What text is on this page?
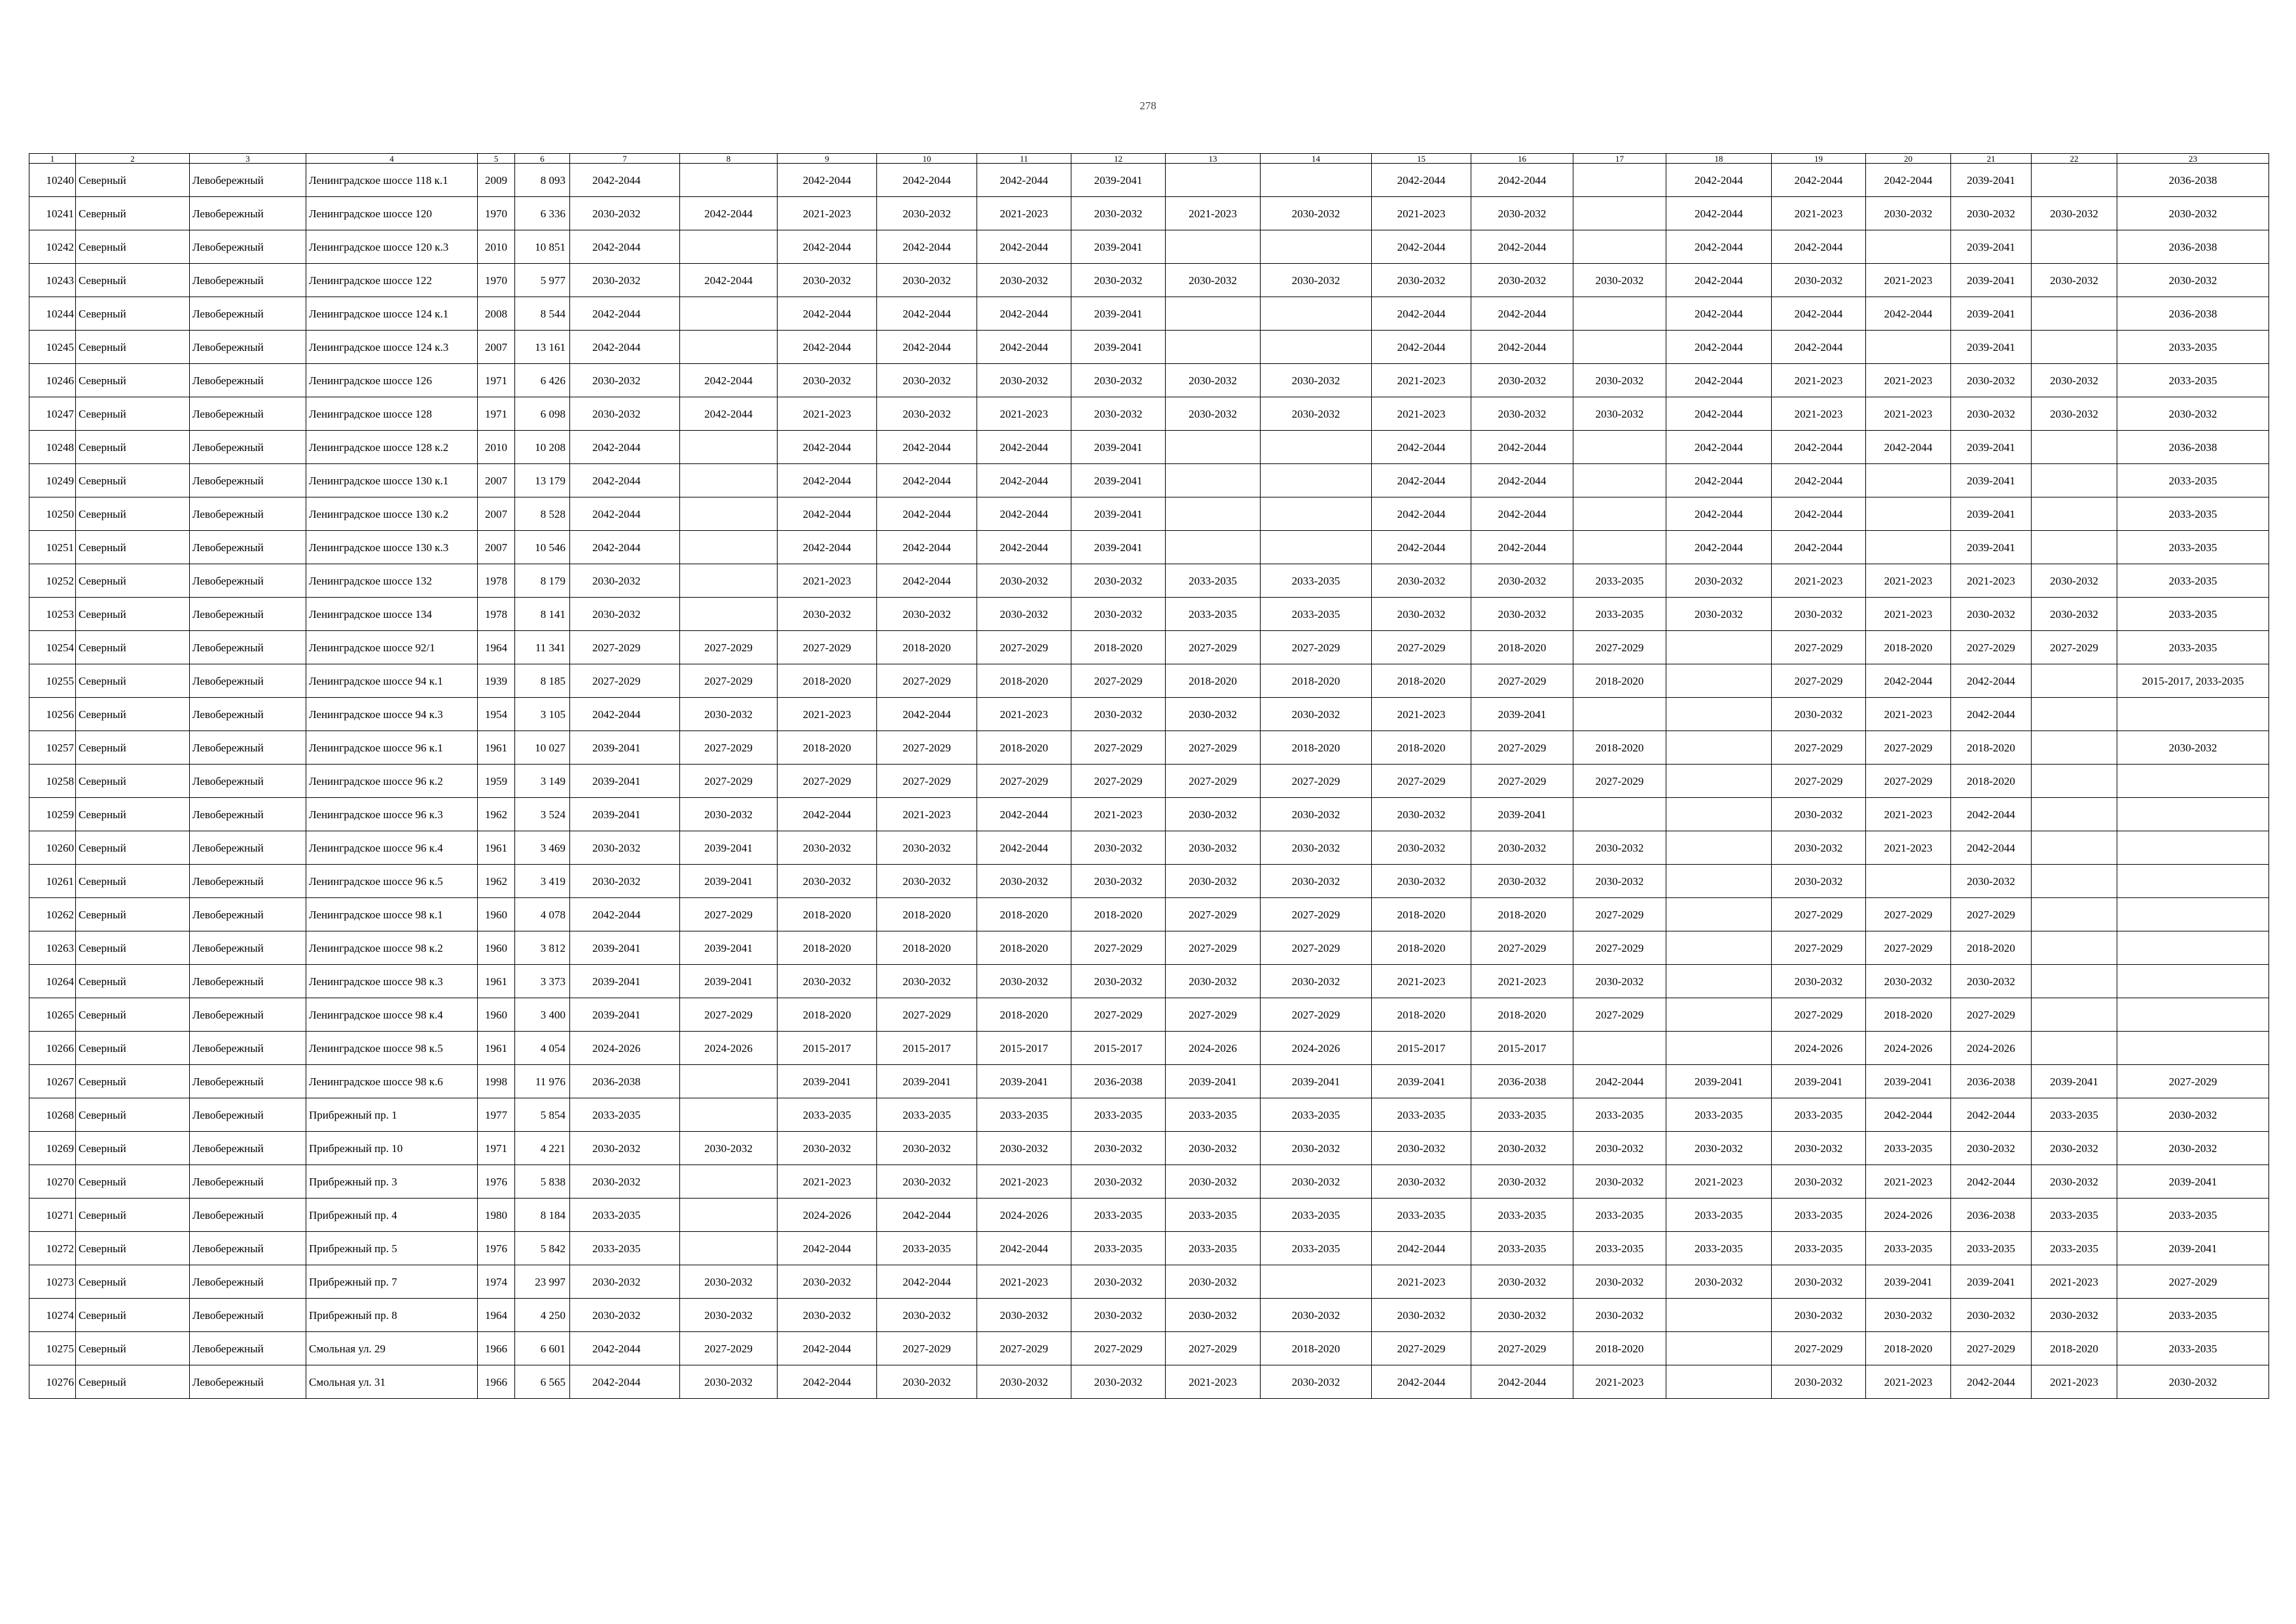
278
1	2	3	4	5	6	7	8	9	10	11	12	13	14	15	16	17	18	19	20	21	22	23
10240	Северный	Левобережный	Ленинградское шоссе 118 к.1	2009	8 093	2042-2044		2042-2044	2042-2044	2042-2044	2039-2041			2042-2044	2042-2044		2042-2044	2042-2044	2042-2044	2039-2041		2036-2038
10241	Северный	Левобережный	Ленинградское шоссе 120	1970	6 336	2030-2032	2042-2044	2021-2023	2030-2032	2021-2023	2030-2032	2021-2023	2030-2032	2021-2023	2030-2032		2042-2044	2021-2023	2030-2032	2030-2032	2030-2032	2030-2032
10242	Северный	Левобережный	Ленинградское шоссе 120 к.3	2010	10 851	2042-2044		2042-2044	2042-2044	2042-2044	2039-2041			2042-2044	2042-2044		2042-2044	2042-2044		2039-2041		2036-2038
10243	Северный	Левобережный	Ленинградское шоссе 122	1970	5 977	2030-2032	2042-2044	2030-2032	2030-2032	2030-2032	2030-2032	2030-2032	2030-2032	2030-2032	2030-2032	2030-2032	2042-2044	2030-2032	2021-2023	2039-2041	2030-2032	2030-2032
10244	Северный	Левобережный	Ленинградское шоссе 124 к.1	2008	8 544	2042-2044		2042-2044	2042-2044	2042-2044	2039-2041			2042-2044	2042-2044		2042-2044	2042-2044	2042-2044	2039-2041		2036-2038
10245	Северный	Левобережный	Ленинградское шоссе 124 к.3	2007	13 161	2042-2044		2042-2044	2042-2044	2042-2044	2039-2041			2042-2044	2042-2044		2042-2044	2042-2044		2039-2041		2033-2035
10246	Северный	Левобережный	Ленинградское шоссе 126	1971	6 426	2030-2032	2042-2044	2030-2032	2030-2032	2030-2032	2030-2032	2030-2032	2030-2032	2021-2023	2030-2032	2030-2032	2042-2044	2021-2023	2021-2023	2030-2032	2030-2032	2033-2035
10247	Северный	Левобережный	Ленинградское шоссе 128	1971	6 098	2030-2032	2042-2044	2021-2023	2030-2032	2021-2023	2030-2032	2030-2032	2030-2032	2021-2023	2030-2032	2030-2032	2042-2044	2021-2023	2021-2023	2030-2032	2030-2032	2030-2032
10248	Северный	Левобережный	Ленинградское шоссе 128 к.2	2010	10 208	2042-2044		2042-2044	2042-2044	2042-2044	2039-2041			2042-2044	2042-2044		2042-2044	2042-2044	2042-2044	2039-2041		2036-2038
10249	Северный	Левобережный	Ленинградское шоссе 130 к.1	2007	13 179	2042-2044		2042-2044	2042-2044	2042-2044	2039-2041			2042-2044	2042-2044		2042-2044	2042-2044		2039-2041		2033-2035
10250	Северный	Левобережный	Ленинградское шоссе 130 к.2	2007	8 528	2042-2044		2042-2044	2042-2044	2042-2044	2039-2041			2042-2044	2042-2044		2042-2044	2042-2044		2039-2041		2033-2035
10251	Северный	Левобережный	Ленинградское шоссе 130 к.3	2007	10 546	2042-2044		2042-2044	2042-2044	2042-2044	2039-2041			2042-2044	2042-2044		2042-2044	2042-2044		2039-2041		2033-2035
10252	Северный	Левобережный	Ленинградское шоссе 132	1978	8 179	2030-2032		2021-2023	2042-2044	2030-2032	2030-2032	2033-2035	2033-2035	2030-2032	2030-2032	2033-2035	2030-2032	2021-2023	2021-2023	2021-2023	2030-2032	2033-2035
10253	Северный	Левобережный	Ленинградское шоссе 134	1978	8 141	2030-2032		2030-2032	2030-2032	2030-2032	2030-2032	2033-2035	2033-2035	2030-2032	2030-2032	2033-2035	2030-2032	2030-2032	2021-2023	2030-2032	2030-2032	2033-2035
10254	Северный	Левобережный	Ленинградское шоссе 92/1	1964	11 341	2027-2029	2027-2029	2027-2029	2018-2020	2027-2029	2018-2020	2027-2029	2027-2029	2027-2029	2018-2020	2027-2029		2027-2029	2018-2020	2027-2029	2027-2029	2033-2035
10255	Северный	Левобережный	Ленинградское шоссе 94 к.1	1939	8 185	2027-2029	2027-2029	2018-2020	2027-2029	2018-2020	2027-2029	2018-2020	2018-2020	2018-2020	2027-2029	2018-2020		2027-2029	2042-2044	2042-2044		2015-2017, 2033-2035
10256	Северный	Левобережный	Ленинградское шоссе 94 к.3	1954	3 105	2042-2044	2030-2032	2021-2023	2042-2044	2021-2023	2030-2032	2030-2032	2030-2032	2021-2023	2039-2041			2030-2032	2021-2023	2042-2044		
10257	Северный	Левобережный	Ленинградское шоссе 96 к.1	1961	10 027	2039-2041	2027-2029	2018-2020	2027-2029	2018-2020	2027-2029	2027-2029	2018-2020	2018-2020	2027-2029	2018-2020		2027-2029	2027-2029	2018-2020		2030-2032
10258	Северный	Левобережный	Ленинградское шоссе 96 к.2	1959	3 149	2039-2041	2027-2029	2027-2029	2027-2029	2027-2029	2027-2029	2027-2029	2027-2029	2027-2029	2027-2029	2027-2029		2027-2029	2027-2029	2018-2020		
10259	Северный	Левобережный	Ленинградское шоссе 96 к.3	1962	3 524	2039-2041	2030-2032	2042-2044	2021-2023	2042-2044	2021-2023	2030-2032	2030-2032	2030-2032	2039-2041			2030-2032	2021-2023	2042-2044		
10260	Северный	Левобережный	Ленинградское шоссе 96 к.4	1961	3 469	2030-2032	2039-2041	2030-2032	2030-2032	2042-2044	2030-2032	2030-2032	2030-2032	2030-2032	2030-2032	2030-2032		2030-2032	2021-2023	2042-2044		
10261	Северный	Левобережный	Ленинградское шоссе 96 к.5	1962	3 419	2030-2032	2039-2041	2030-2032	2030-2032	2030-2032	2030-2032	2030-2032	2030-2032	2030-2032	2030-2032	2030-2032		2030-2032		2030-2032		
10262	Северный	Левобережный	Ленинградское шоссе 98 к.1	1960	4 078	2042-2044	2027-2029	2018-2020	2018-2020	2018-2020	2018-2020	2027-2029	2027-2029	2018-2020	2018-2020	2027-2029		2027-2029	2027-2029	2027-2029		
10263	Северный	Левобережный	Ленинградское шоссе 98 к.2	1960	3 812	2039-2041	2039-2041	2018-2020	2018-2020	2018-2020	2027-2029	2027-2029	2027-2029	2018-2020	2027-2029	2027-2029		2027-2029	2027-2029	2018-2020		
10264	Северный	Левобережный	Ленинградское шоссе 98 к.3	1961	3 373	2039-2041	2039-2041	2030-2032	2030-2032	2030-2032	2030-2032	2030-2032	2030-2032	2021-2023	2021-2023	2030-2032		2030-2032	2030-2032	2030-2032		
10265	Северный	Левобережный	Ленинградское шоссе 98 к.4	1960	3 400	2039-2041	2027-2029	2018-2020	2027-2029	2018-2020	2027-2029	2027-2029	2027-2029	2018-2020	2018-2020	2027-2029		2027-2029	2018-2020	2027-2029		
10266	Северный	Левобережный	Ленинградское шоссе 98 к.5	1961	4 054	2024-2026	2024-2026	2015-2017	2015-2017	2015-2017	2015-2017	2024-2026	2024-2026	2015-2017	2015-2017			2024-2026	2024-2026	2024-2026		
10267	Северный	Левобережный	Ленинградское шоссе 98 к.6	1998	11 976	2036-2038		2039-2041	2039-2041	2039-2041	2036-2038	2039-2041	2039-2041	2039-2041	2036-2038	2042-2044	2039-2041	2039-2041	2039-2041	2036-2038	2039-2041	2027-2029
10268	Северный	Левобережный	Прибрежный пр. 1	1977	5 854	2033-2035		2033-2035	2033-2035	2033-2035	2033-2035	2033-2035	2033-2035	2033-2035	2033-2035	2033-2035	2033-2035	2033-2035	2042-2044	2042-2044	2033-2035	2030-2032
10269	Северный	Левобережный	Прибрежный пр. 10	1971	4 221	2030-2032	2030-2032	2030-2032	2030-2032	2030-2032	2030-2032	2030-2032	2030-2032	2030-2032	2030-2032	2030-2032	2030-2032	2030-2032	2033-2035	2030-2032	2030-2032	2030-2032
10270	Северный	Левобережный	Прибрежный пр. 3	1976	5 838	2030-2032		2021-2023	2030-2032	2021-2023	2030-2032	2030-2032	2030-2032	2030-2032	2030-2032	2030-2032	2021-2023	2030-2032	2021-2023	2042-2044	2030-2032	2039-2041
10271	Северный	Левобережный	Прибрежный пр. 4	1980	8 184	2033-2035		2024-2026	2042-2044	2024-2026	2033-2035	2033-2035	2033-2035	2033-2035	2033-2035	2033-2035	2033-2035	2033-2035	2024-2026	2036-2038	2033-2035	2033-2035
10272	Северный	Левобережный	Прибрежный пр. 5	1976	5 842	2033-2035		2042-2044	2033-2035	2042-2044	2033-2035	2033-2035	2033-2035	2042-2044	2033-2035	2033-2035	2033-2035	2033-2035	2033-2035	2033-2035	2033-2035	2039-2041
10273	Северный	Левобережный	Прибрежный пр. 7	1974	23 997	2030-2032	2030-2032	2030-2032	2042-2044	2021-2023	2030-2032	2030-2032		2021-2023	2030-2032	2030-2032	2030-2032	2030-2032	2039-2041	2039-2041	2021-2023	2027-2029
10274	Северный	Левобережный	Прибрежный пр. 8	1964	4 250	2030-2032	2030-2032	2030-2032	2030-2032	2030-2032	2030-2032	2030-2032	2030-2032	2030-2032	2030-2032	2030-2032		2030-2032	2030-2032	2030-2032	2030-2032	2033-2035
10275	Северный	Левобережный	Смольная ул. 29	1966	6 601	2042-2044	2027-2029	2042-2044	2027-2029	2027-2029	2027-2029	2027-2029	2018-2020	2027-2029	2027-2029	2018-2020		2027-2029	2018-2020	2027-2029	2018-2020	2033-2035
10276	Северный	Левобережный	Смольная ул. 31	1966	6 565	2042-2044	2030-2032	2042-2044	2030-2032	2030-2032	2030-2032	2021-2023	2030-2032	2042-2044	2042-2044	2021-2023		2030-2032	2021-2023	2042-2044	2021-2023	2030-2032
